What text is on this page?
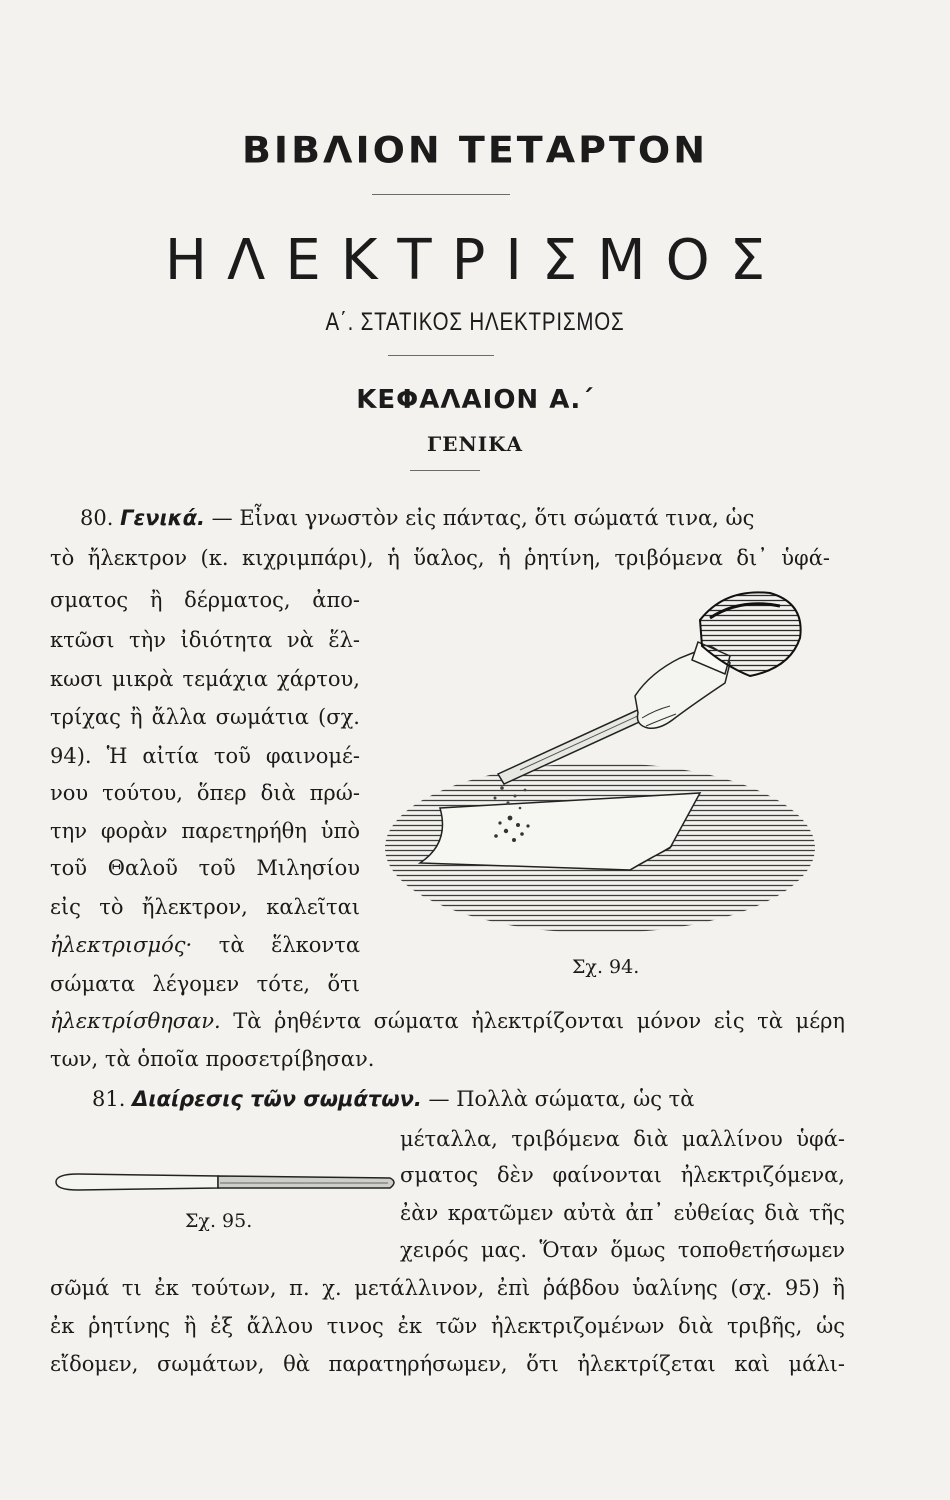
ΒΙΒΛΙΟΝ ΤΕΤΑΡΤΟΝ
ΗΛΕΚΤΡΙΣΜΟΣ
Α΄. ΣΤΑΤΙΚΟΣ ΗΛΕΚΤΡΙΣΜΟΣ
ΚΕΦΑΛΑΙΟΝ Α.΄
ΓΕΝΙΚΑ
80. Γενικά. — Εἶναι γνωστὸν εἰς πάντας, ὅτι σώματά τινα, ὡς
τὸ ἤλεκτρον (κ. κιχριμπάρι), ἡ ὕαλος, ἡ ῥητίνη, τριβόμενα δι᾽ ὑφά-
σματος ἢ δέρματος, ἀπο-
κτῶσι τὴν ἰδιότητα νὰ ἕλ-
κωσι μικρὰ τεμάχια χάρτου,
τρίχας ἢ ἄλλα σωμάτια (σχ.
94). Ἡ αἰτία τοῦ φαινομέ-
νου τούτου, ὅπερ διὰ πρώ-
την φορὰν παρετηρήθη ὑπὸ
τοῦ Θαλοῦ τοῦ Μιλησίου
εἰς τὸ ἤλεκτρον, καλεῖται
ἠλεκτρισμός· τὰ ἕλκοντα
σώματα λέγομεν τότε, ὅτι
ἠλεκτρίσθησαν. Τὰ ῥηθέντα σώματα ἠλεκτρίζονται μόνον εἰς τὰ μέρη
των, τὰ ὁποῖα προσετρίβησαν.
Σχ. 94.
81. Διαίρεσις τῶν σωμάτων. — Πολλὰ σώματα, ὡς τὰ
μέταλλα, τριβόμενα διὰ μαλλίνου ὑφά-
σματος δὲν φαίνονται ἠλεκτριζόμενα,
ἐὰν κρατῶμεν αὐτὰ ἀπ᾽ εὐθείας διὰ τῆς
χειρός μας. Ὅταν ὅμως τοποθετήσωμεν
σῶμά τι ἐκ τούτων, π. χ. μετάλλινον, ἐπὶ ῥάβδου ὑαλίνης (σχ. 95) ἢ
ἐκ ῥητίνης ἢ ἐξ ἄλλου τινος ἐκ τῶν ἠλεκτριζομένων διὰ τριβῆς, ὡς
εἴδομεν, σωμάτων, θὰ παρατηρήσωμεν, ὅτι ἠλεκτρίζεται καὶ μάλι-
Σχ. 95.
